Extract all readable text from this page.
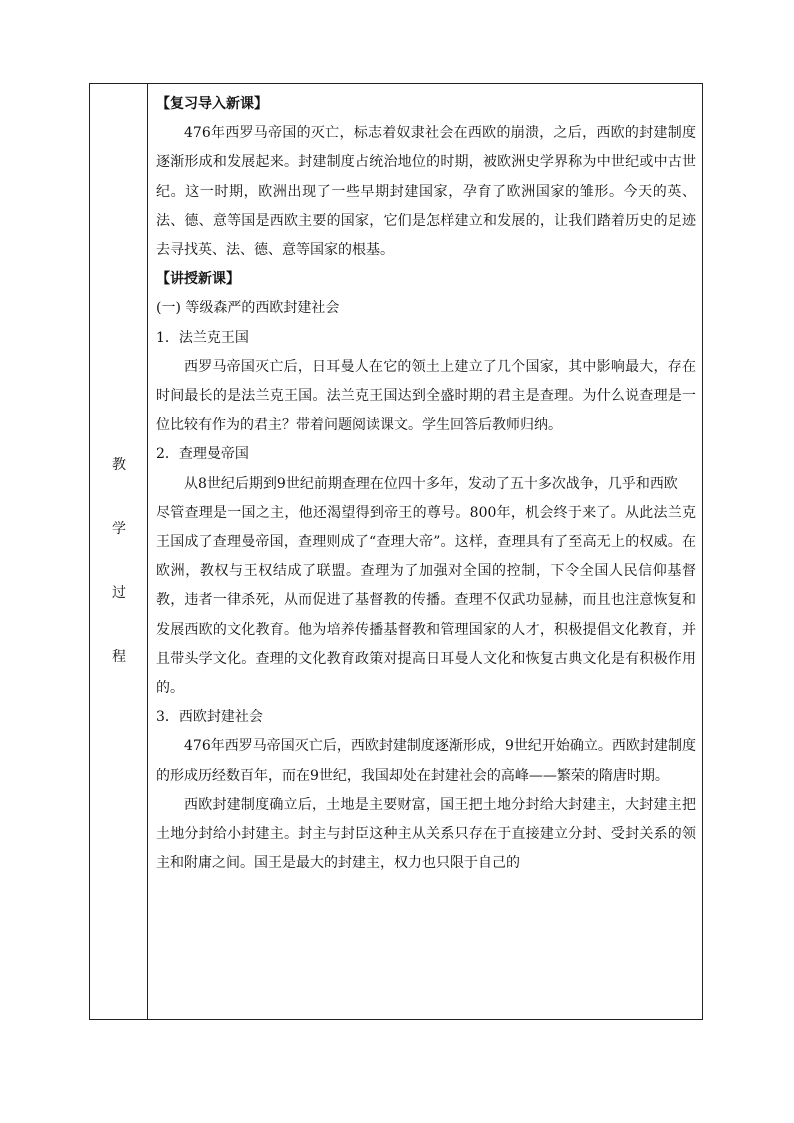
教
学
过
程

【复习导入新课】

476年西罗马帝国的灭亡，标志着奴隶社会在西欧的崩溃，之后，西欧的封建制度逐渐形成和发展起来。封建制度占统治地位的时期，被欧洲史学界称为中世纪或中古世纪。这一时期，欧洲出现了一些早期封建国家，孕育了欧洲国家的雏形。今天的英、法、德、意等国是西欧主要的国家，它们是怎样建立和发展的，让我们踏着历史的足迹去寻找英、法、德、意等国家的根基。

【讲授新课】

(一) 等级森严的西欧封建社会

1．法兰克王国

西罗马帝国灭亡后，日耳曼人在它的领土上建立了几个国家，其中影响最大，存在时间最长的是法兰克王国。法兰克王国达到全盛时期的君主是查理。为什么说查理是一位比较有作为的君主？带着问题阅读课文。学生回答后教师归纳。

2．查理曼帝国

从8世纪后期到9世纪前期查理在位四十多年，发动了五十多次战争，几乎和西欧

尽管查理是一国之主，他还渴望得到帝王的尊号。800年，机会终于来了。从此法兰克王国成了查理曼帝国，查理则成了“查理大帝”。这样，查理具有了至高无上的权威。在欧洲，教权与王权结成了联盟。查理为了加强对全国的控制，下令全国人民信仰基督教，违者一律杀死，从而促进了基督教的传播。查理不仅武功显赫，而且也注意恢复和发展西欧的文化教育。他为培养传播基督教和管理国家的人才，积极提倡文化教育，并且带头学文化。查理的文化教育政策对提高日耳曼人文化和恢复古典文化是有积极作用的。

3．西欧封建社会

476年西罗马帝国灭亡后，西欧封建制度逐渐形成，9世纪开始确立。西欧封建制度的形成历经数百年，而在9世纪，我国却处在封建社会的高峰——繁荣的隋唐时期。

西欧封建制度确立后，土地是主要财富，国王把土地分封给大封建主，大封建主把土地分封给小封建主。封主与封臣这种主从关系只存在于直接建立分封、受封关系的领主和附庸之间。国王是最大的封建主，权力也只限于自己的
